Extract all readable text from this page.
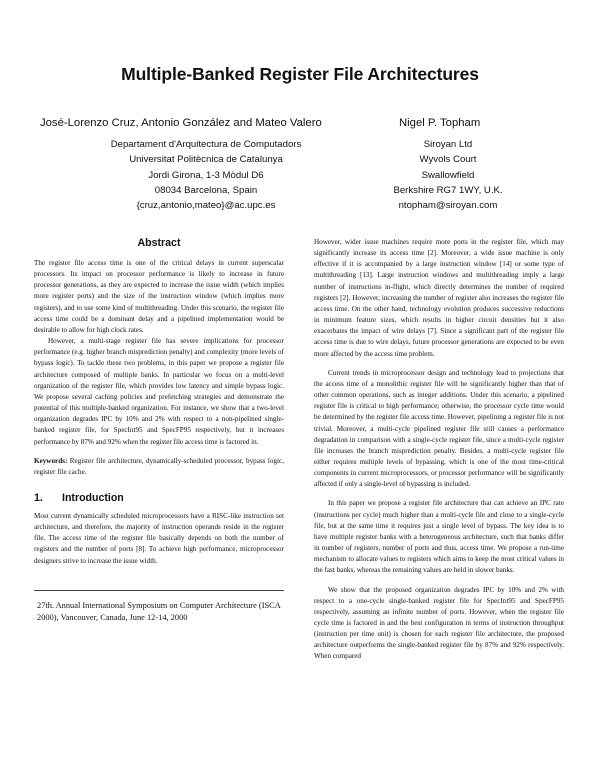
Multiple-Banked Register File Architectures
José-Lorenzo Cruz, Antonio González and Mateo Valero	Nigel P. Topham
Departament d'Arquitectura de Computadors
Universitat Politècnica de Catalunya
Jordi Girona, 1-3 Mòdul D6
08034 Barcelona, Spain
{cruz,antonio,mateo}@ac.upc.es
Siroyan Ltd
Wyvols Court
Swallowfield
Berkshire RG7 1WY, U.K.
ntopham@siroyan.com
Abstract

The register file access time is one of the critical delays in current superscalar processors. Its impact on processor performance is likely to increase in future processor generations, as they are expected to increase the issue width (which implies more register ports) and the size of the instruction window (which implies more registers), and to use some kind of multithreading. Under this scenario, the register file access time could be a dominant delay and a pipelined implementation would be desirable to allow for high clock rates.

However, a multi-stage register file has severe implications for processor performance (e.g. higher branch misprediction penalty) and complexity (more levels of bypass logic). To tackle these two problems, in this paper we propose a register file architecture composed of multiple banks. In particular we focus on a multi-level organization of the register file, which provides low latency and simple bypass logic. We propose several caching policies and prefetching strategies and demonstrate the potential of this multiple-banked organization. For instance, we show that a two-level organization degrades IPC by 10% and 2% with respect to a non-pipelined single-banked register file, for SpecInt95 and SpecFP95 respectively, but it increases performance by 87% and 92% when the register file access time is factored in.

Keywords: Register file architecture, dynamically-scheduled processor, bypass logic, register file cache.

1. Introduction

Most current dynamically scheduled microprocessors have a RISC-like instruction set architecture, and therefore, the majority of instruction operands reside in the register file. The access time of the register file basically depends on both the number of registers and the number of ports [8]. To achieve high performance, microprocessor designers strive to increase the issue width.

27th. Annual International Symposium on Computer Architecture (ISCA 2000), Vancouver, Canada, June 12-14, 2000

However, wider issue machines require more ports in the register file, which may significantly increase its access time [2]. Moreover, a wide issue machine is only effective if it is accompanied by a large instruction window [14] or some type of multithreading [13]. Large instruction windows and multithreading imply a large number of instructions in-flight, which directly determines the number of required registers [2]. However, increasing the number of register also increases the register file access time. On the other hand, technology evolution produces successive reductions in minimum feature sizes, which results in higher circuit densities but it also exacerbates the impact of wire delays [7]. Since a significant part of the register file access time is due to wire delays, future processor generations are expected to be even more affected by the access time problem.

Current trends in microprocessor design and technology lead to projections that the access time of a monolithic register file will be significantly higher than that of other common operations, such as integer additions. Under this scenario, a pipelined register file is critical to high performance; otherwise, the processor cycle time would be determined by the register file access time. However, pipelining a register file is not trivial. Moreover, a multi-cycle pipelined register file still causes a performance degradation in comparison with a single-cycle register file, since a multi-cycle register file increases the branch misprediction penalty. Besides, a multi-cycle register file either requires multiple levels of bypassing, which is one of the most time-critical components in current microprocessors, or processor performance will be significantly affected if only a single-level of bypassing is included.

In this paper we propose a register file architecture that can achieve an IPC rate (instructions per cycle) much higher than a multi-cycle file and close to a single-cycle file, but at the same time it requires just a single level of bypass. The key idea is to have multiple register banks with a heterogeneous architecture, such that banks differ in number of registers, number of ports and thus, access time. We propose a run-time mechanism to allocate values to registers which aims to keep the most critical values in the fast banks, whereas the remaining values are held in slower banks.

We show that the proposed organization degrades IPC by 10% and 2% with respect to a one-cycle single-banked register file for SpecInt95 and SpecFP95 respectively, assuming an infinite number of ports. However, when the register file cycle time is factored in and the best configuration in terms of instruction throughput (instruction per time unit) is chosen for each register file architecture, the proposed architecture outperforms the single-banked register file by 87% and 92% respectively. When compared
